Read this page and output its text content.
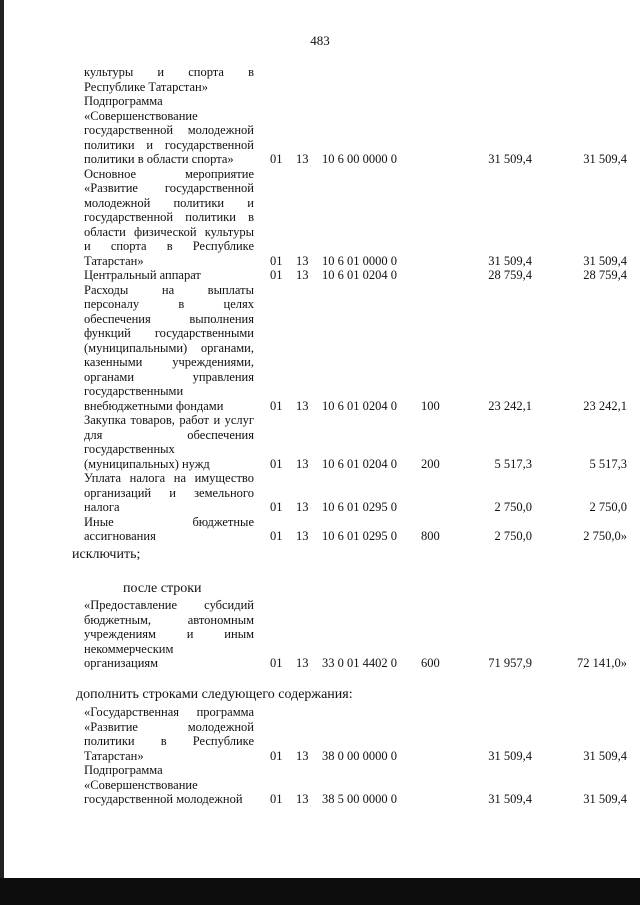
483
культуры и спорта в
Республике Татарстан»
Подпрограмма
«Совершенствование
государственной молодежной
политики и государственной
политики в области спорта»	01 13 10 6 00 0000 0	31 509,4	31 509,4
Основное мероприятие
«Развитие государственной
молодежной политики и
государственной политики в
области физической культуры
и спорта в Республике
Татарстан»	01 13 10 6 01 0000 0	31 509,4	31 509,4
Центральный аппарат	01 13 10 6 01 0204 0	28 759,4	28 759,4
Расходы на выплаты
персоналу в целях
обеспечения выполнения
функций государственными
(муниципальными) органами,
казенными учреждениями,
органами управления
государственными
внебюджетными фондами	01 13 10 6 01 0204 0 100	23 242,1	23 242,1
Закупка товаров, работ и услуг
для обеспечения
государственных
(муниципальных) нужд	01 13 10 6 01 0204 0 200	5 517,3	5 517,3
Уплата налога на имущество
организаций и земельного
налога	01 13 10 6 01 0295 0	2 750,0	2 750,0
Иные бюджетные
ассигнования	01 13 10 6 01 0295 0 800	2 750,0	2 750,0»
«Предоставление субсидий
бюджетным, автономным
учреждениям и иным
некоммерческим
организациям	01 13 33 0 01 4402 0 600	71 957,9	72 141,0»
«Государственная программа
«Развитие молодежной
политики в Республике
Татарстан»	01 13 38 0 00 0000 0	31 509,4	31 509,4
Подпрограмма
«Совершенствование
государственной молодежной	01 13 38 5 00 0000 0	31 509,4	31 509,4
исключить;
после строки
дополнить строками следующего содержания:
